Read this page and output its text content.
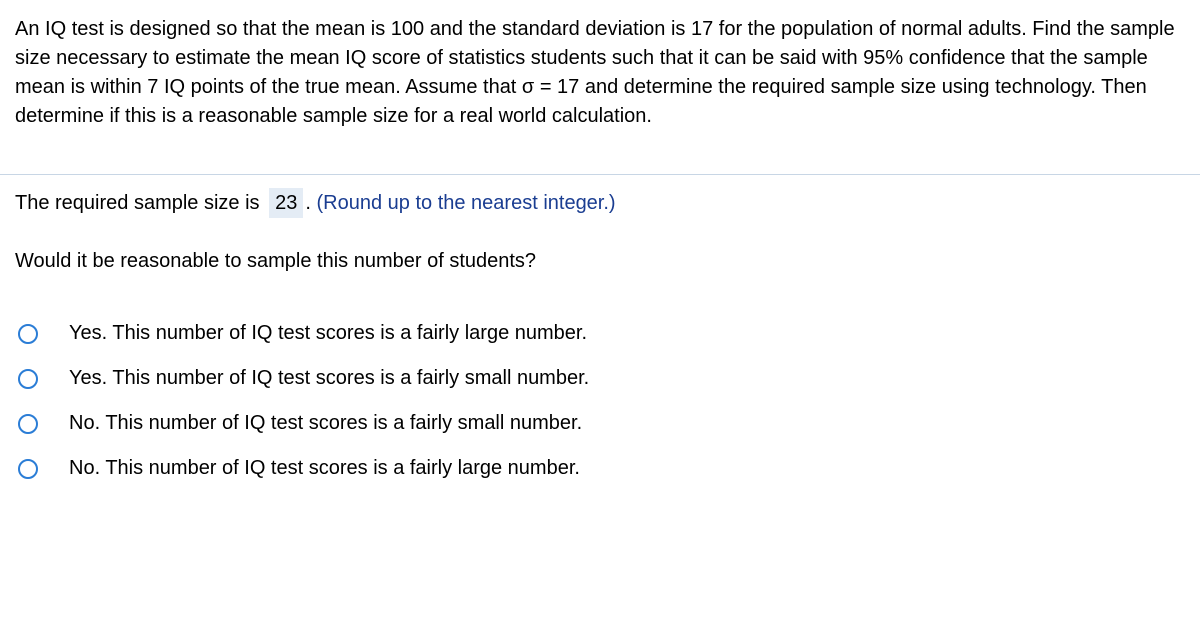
An IQ test is designed so that the mean is 100 and the standard deviation is 17 for the population of normal adults. Find the sample size necessary to estimate the mean IQ score of statistics students such that it can be said with 95% confidence that the sample mean is within 7 IQ points of the true mean. Assume that σ = 17 and determine the required sample size using technology. Then determine if this is a reasonable sample size for a real world calculation.

The required sample size is 23 . (Round up to the nearest integer.)

Would it be reasonable to sample this number of students?

Yes. This number of IQ test scores is a fairly large number.
Yes. This number of IQ test scores is a fairly small number.
No. This number of IQ test scores is a fairly small number.
No. This number of IQ test scores is a fairly large number.
